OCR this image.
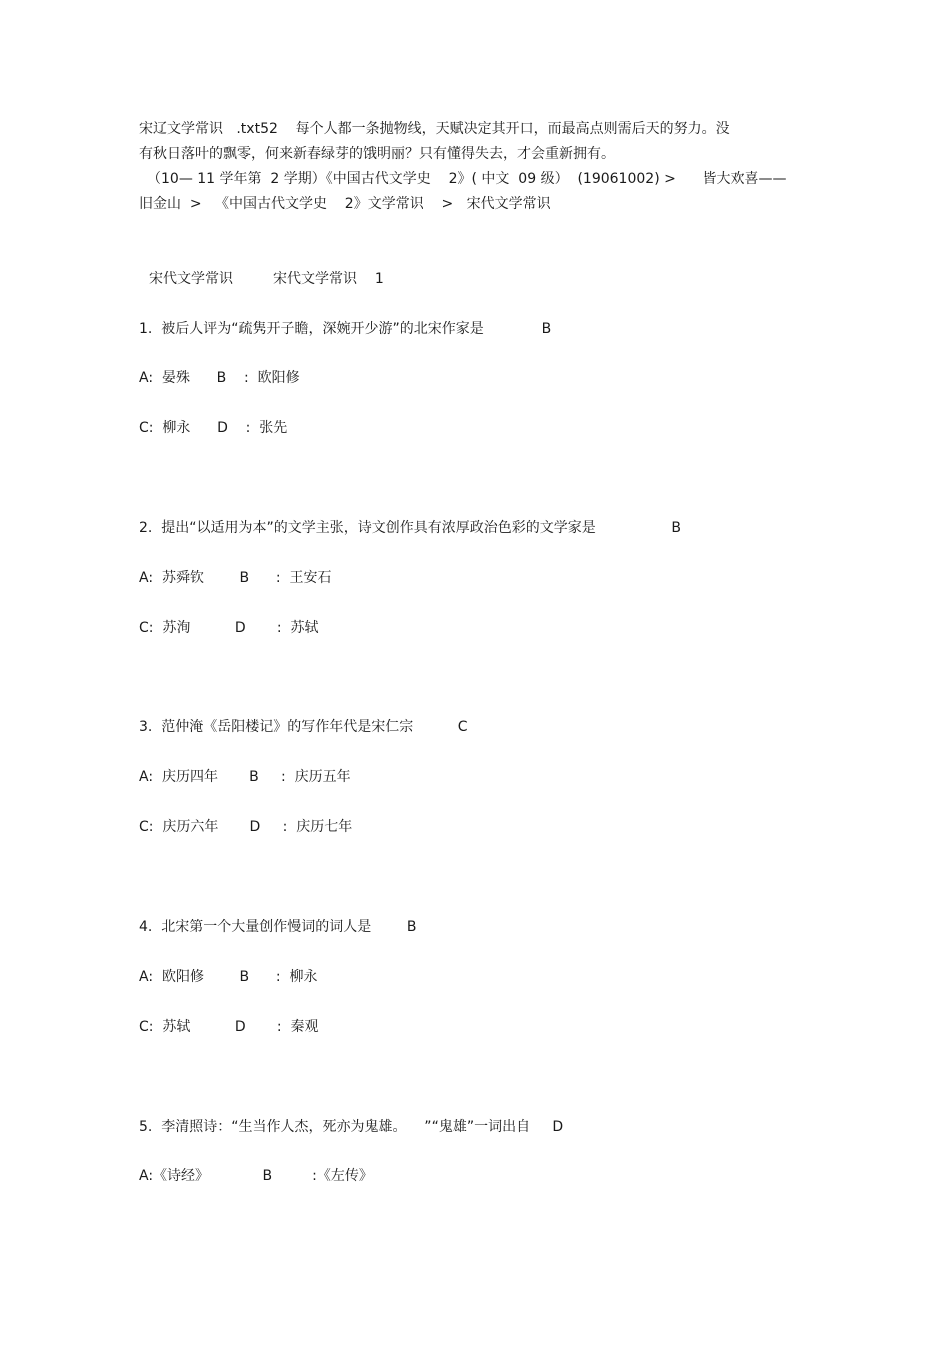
宋辽文学常识   .txt52    每个人都一条抛物线，天赋决定其开口，而最高点则需后天的努力。没
有秋日落叶的飘零，何来新春绿芽的饿明丽？只有懂得失去，才会重新拥有。
（10— 11 学年第  2 学期）《中国古代文学史    2》( 中文  09 级）  (19061002) >      皆大欢喜——
旧金山  >   《中国古代文学史    2》文学常识    >   宋代文学常识
宋代文学常识         宋代文学常识    1
1.  被后人评为“疏隽开子瞻，深婉开少游”的北宋作家是             B
A:  晏殊      B    :  欧阳修
C:  柳永      D    :  张先
2.  提出“以适用为本”的文学主张，诗文创作具有浓厚政治色彩的文学家是                 B
A:  苏舜钦        B      :  王安石
C:  苏洵          D       :  苏轼
3.  范仲淹《岳阳楼记》的写作年代是宋仁宗          C
A:  庆历四年       B     :  庆历五年
C:  庆历六年       D     :  庆历七年
4.  北宋第一个大量创作慢词的词人是        B
A:  欧阳修        B      :  柳永
C:  苏轼          D       :  秦观
5.  李清照诗：“生当作人杰，死亦为鬼雄。    ”“鬼雄”一词出自     D
A:《诗经》            B         :《左传》
